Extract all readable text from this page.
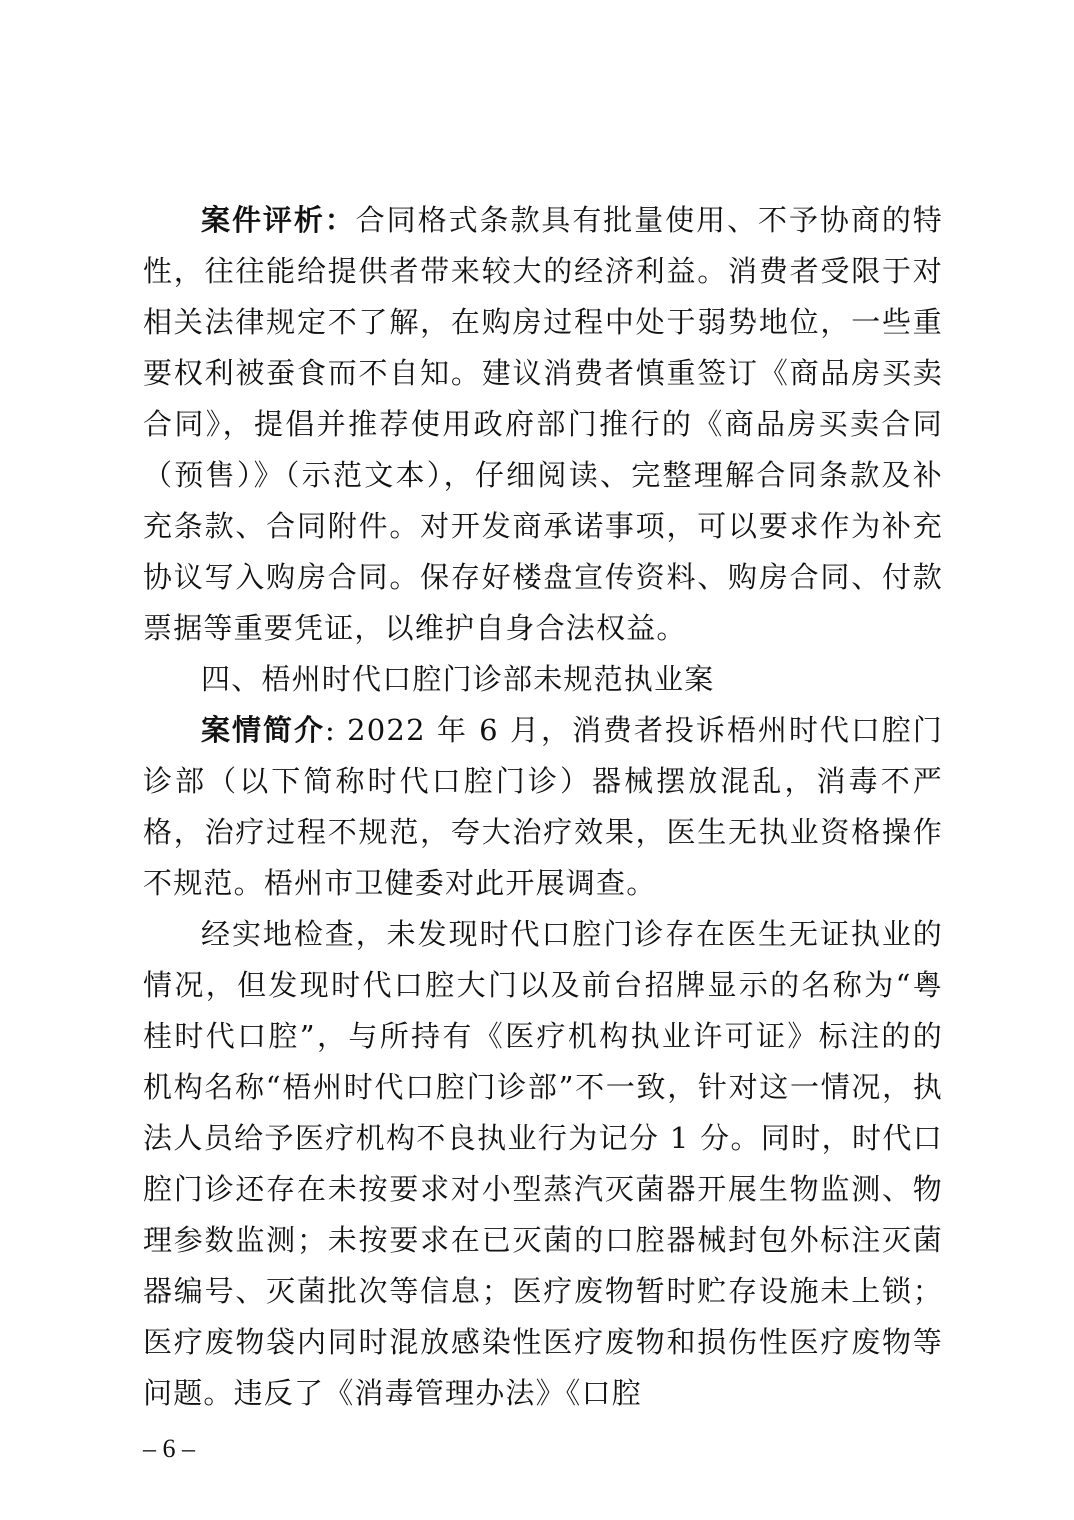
案件评析：合同格式条款具有批量使用、不予协商的特性，往往能给提供者带来较大的经济利益。消费者受限于对相关法律规定不了解，在购房过程中处于弱势地位，一些重要权利被蚕食而不自知。建议消费者慎重签订《商品房买卖合同》，提倡并推荐使用政府部门推行的《商品房买卖合同（预售）》（示范文本），仔细阅读、完整理解合同条款及补充条款、合同附件。对开发商承诺事项，可以要求作为补充协议写入购房合同。保存好楼盘宣传资料、购房合同、付款票据等重要凭证，以维护自身合法权益。

四、梧州时代口腔门诊部未规范执业案

案情简介: 2022 年 6 月，消费者投诉梧州时代口腔门诊部（以下简称时代口腔门诊）器械摆放混乱，消毒不严格，治疗过程不规范，夸大治疗效果，医生无执业资格操作不规范。梧州市卫健委对此开展调查。

经实地检查，未发现时代口腔门诊存在医生无证执业的情况，但发现时代口腔大门以及前台招牌显示的名称为“粤桂时代口腔”，与所持有《医疗机构执业许可证》标注的的机构名称“梧州时代口腔门诊部”不一致，针对这一情况，执法人员给予医疗机构不良执业行为记分 1 分。同时，时代口腔门诊还存在未按要求对小型蒸汽灭菌器开展生物监测、物理参数监测；未按要求在已灭菌的口腔器械封包外标注灭菌器编号、灭菌批次等信息；医疗废物暂时贮存设施未上锁；医疗废物袋内同时混放感染性医疗废物和损伤性医疗废物等问题。违反了《消毒管理办法》《口腔

– 6 –
